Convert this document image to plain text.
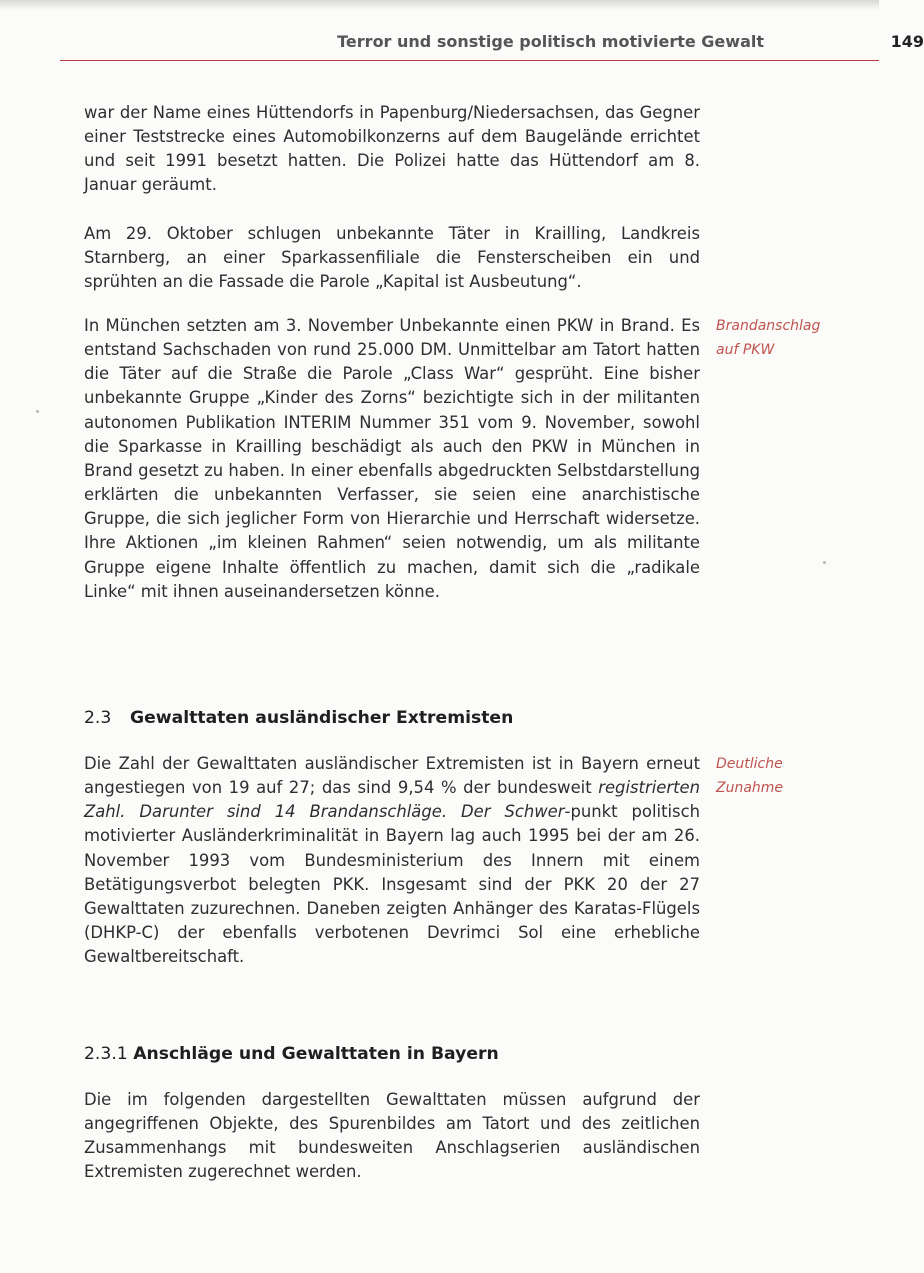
Terror und sonstige politisch motivierte Gewalt	149

war der Name eines Hüttendorfs in Papenburg/Niedersachsen, das Gegner einer Teststrecke eines Automobilkonzerns auf dem Baugelände errichtet und seit 1991 besetzt hatten. Die Polizei hatte das Hüttendorf am 8. Januar geräumt.

Am 29. Oktober schlugen unbekannte Täter in Krailling, Landkreis Starnberg, an einer Sparkassenfiliale die Fensterscheiben ein und sprühten an die Fassade die Parole „Kapital ist Ausbeutung“.

In München setzten am 3. November Unbekannte einen PKW in Brand. Es entstand Sachschaden von rund 25.000 DM. Unmittelbar am Tatort hatten die Täter auf die Straße die Parole „Class War“ gesprüht. Eine bisher unbekannte Gruppe „Kinder des Zorns“ bezichtigte sich in der militanten autonomen Publikation INTERIM Nummer 351 vom 9. November, sowohl die Sparkasse in Krailling beschädigt als auch den PKW in München in Brand gesetzt zu haben. In einer ebenfalls abgedruckten Selbstdarstellung erklärten die unbekannten Verfasser, sie seien eine anarchistische Gruppe, die sich jeglicher Form von Hierarchie und Herrschaft widersetze. Ihre Aktionen „im kleinen Rahmen“ seien notwendig, um als militante Gruppe eigene Inhalte öffentlich zu machen, damit sich die „radikale Linke“ mit ihnen auseinandersetzen könne.

Brandanschlag
auf PKW
2.3 Gewalttaten ausländischer Extremisten

Die Zahl der Gewalttaten ausländischer Extremisten ist in Bayern erneut angestiegen von 19 auf 27; das sind 9,54 % der bundesweit registrierten Zahl. Darunter sind 14 Brandanschläge. Der Schwer-punkt politisch motivierter Ausländerkriminalität in Bayern lag auch 1995 bei der am 26. November 1993 vom Bundesministerium des Innern mit einem Betätigungsverbot belegten PKK. Insgesamt sind der PKK 20 der 27 Gewalttaten zuzurechnen. Daneben zeigten Anhänger des Karatas-Flügels (DHKP-C) der ebenfalls verbotenen Devrimci Sol eine erhebliche Gewaltbereitschaft.

Deutliche
Zunahme
2.3.1 Anschläge und Gewalttaten in Bayern

Die im folgenden dargestellten Gewalttaten müssen aufgrund der angegriffenen Objekte, des Spurenbildes am Tatort und des zeitlichen Zusammenhangs mit bundesweiten Anschlagserien ausländischen Extremisten zugerechnet werden.
